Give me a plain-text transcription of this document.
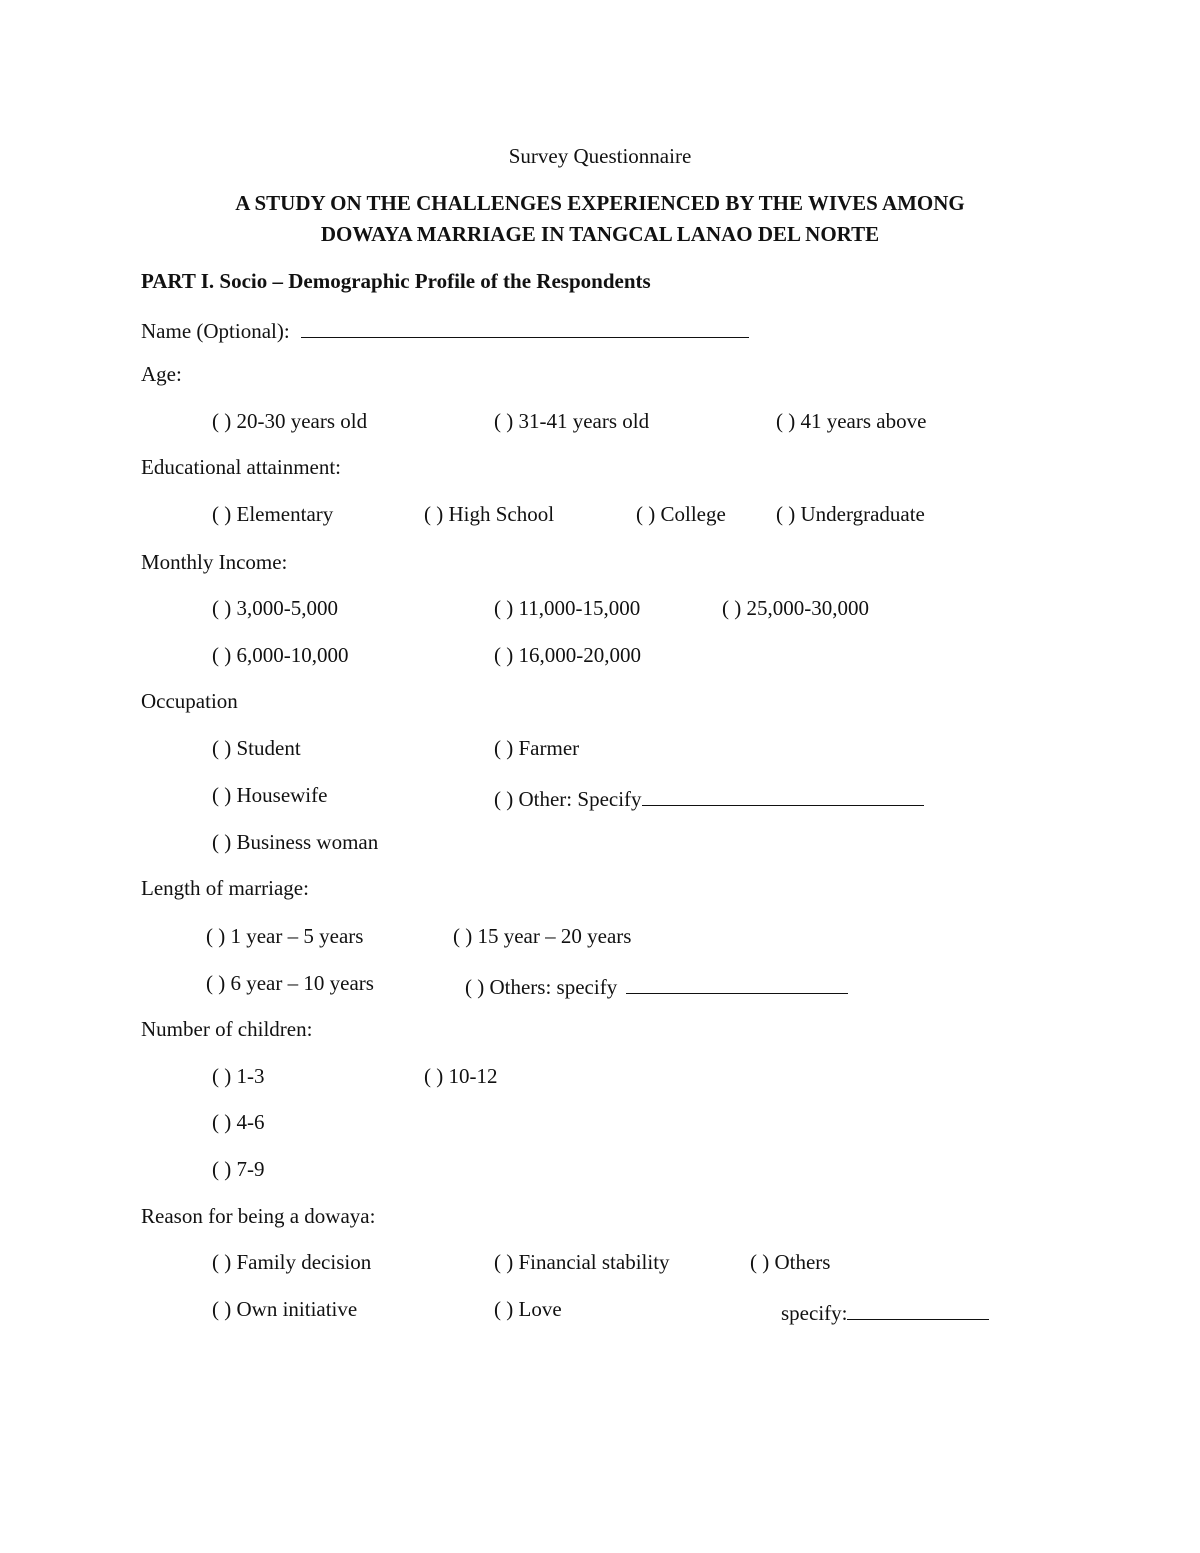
Survey Questionnaire
A STUDY ON THE CHALLENGES EXPERIENCED BY THE WIVES AMONG
DOWAYA MARRIAGE IN TANGCAL LANAO DEL NORTE
PART I. Socio – Demographic Profile of the Respondents
Name (Optional):
Age:
( ) 20-30 years old	( ) 31-41 years old	( ) 41 years above
Educational attainment:
( ) Elementary	( ) High School	( ) College ( ) Undergraduate
Monthly Income:
( ) 3,000-5,000	( ) 11,000-15,000	( ) 25,000-30,000
( ) 6,000-10,000	( ) 16,000-20,000
Occupation
( ) Student	( ) Farmer
( ) Housewife	( ) Other: Specify
( ) Business woman
Length of marriage:
( ) 1 year – 5 years	( ) 15 year – 20 years
( ) 6 year – 10 years	( ) Others: specify
Number of children:
( ) 1-3	( ) 10-12
( ) 4-6
( ) 7-9
Reason for being a dowaya:
( ) Family decision	( ) Financial stability	( ) Others
( ) Own initiative	( ) Love	specify:
